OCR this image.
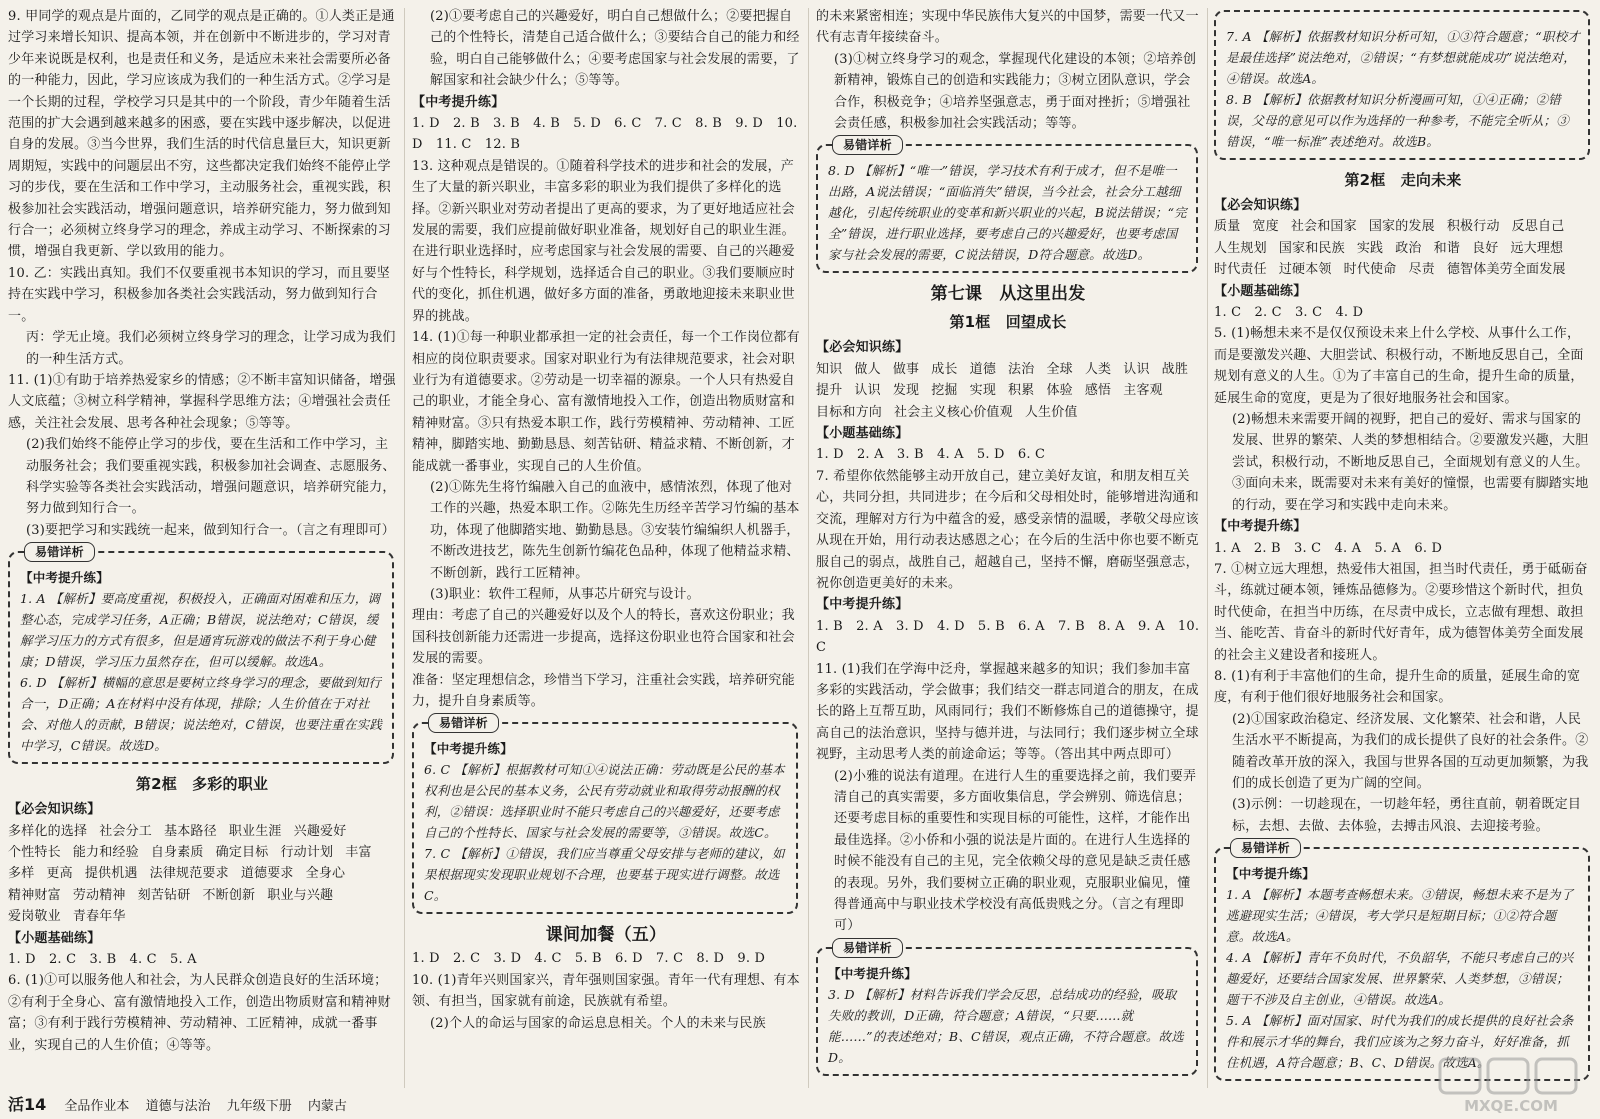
9. 甲同学的观点是片面的，乙同学的观点是正确的。①人类正是通过学习来增长知识、提高本领，并在创新中不断进步的，学习对青少年来说既是权利，也是责任和义务，是适应未来社会需要所必备的一种能力，因此，学习应该成为我们的一种生活方式。②学习是一个长期的过程，学校学习只是其中的一个阶段，青少年随着生活范围的扩大会遇到越来越多的困惑，要在实践中逐步解决，以促进自身的发展。③当今世界，我们生活的时代信息量巨大，知识更新周期短，实践中的问题层出不穷，这些都决定我们始终不能停止学习的步伐，要在生活和工作中学习，主动服务社会，重视实践，积极参加社会实践活动，增强问题意识，培养研究能力，努力做到知行合一；必须树立终身学习的理念，养成主动学习、不断探索的习惯，增强自我更新、学以致用的能力。

10. 乙：实践出真知。我们不仅要重视书本知识的学习，而且要坚持在实践中学习，积极参加各类社会实践活动，努力做到知行合一。

丙：学无止境。我们必须树立终身学习的理念，让学习成为我们的一种生活方式。

11. (1)①有助于培养热爱家乡的情感；②不断丰富知识储备，增强人文底蕴；③树立科学精神，掌握科学思维方法；④增强社会责任感，关注社会发展、思考各种社会现象；⑤等等。

(2)我们始终不能停止学习的步伐，要在生活和工作中学习，主动服务社会；我们要重视实践，积极参加社会调查、志愿服务、科学实验等各类社会实践活动，增强问题意识，培养研究能力，努力做到知行合一。

(3)要把学习和实践统一起来，做到知行合一。（言之有理即可）

易错详析
【中考提升练】

1. A 【解析】要高度重视，积极投入，正确面对困难和压力，调整心态，完成学习任务，A正确；B错误，说法绝对；C错误，缓解学习压力的方式有很多，但是通宵玩游戏的做法不利于身心健康；D错误，学习压力虽然存在，但可以缓解。故选A。

6. D 【解析】横幅的意思是要树立终身学习的理念，要做到知行合一，D正确；A在材料中没有体现，排除；人生价值在于对社会、对他人的贡献，B错误；说法绝对，C错误，也要注重在实践中学习，C错误。故选D。

第2框　多彩的职业
【必会知识练】
多样化的选择 社会分工 基本路径 职业生涯 兴趣爱好
个性特长 能力和经验 自身素质 确定目标 行动计划 丰富
多样 更高 提供机遇 法律规范要求 道德要求 全身心
精神财富 劳动精神 刻苦钻研 不断创新 职业与兴趣
爱岗敬业 青春年华
【小题基础练】

1. D　2. C　3. B　4. C　5. A

6. (1)①可以服务他人和社会，为人民群众创造良好的生活环境；②有利于全身心、富有激情地投入工作，创造出物质财富和精神财富；③有利于践行劳模精神、劳动精神、工匠精神，成就一番事业，实现自己的人生价值；④等等。

(2)①要考虑自己的兴趣爱好，明白自己想做什么；②要把握自己的个性特长，清楚自己适合做什么；③要结合自己的能力和经验，明白自己能够做什么；④要考虑国家与社会发展的需要，了解国家和社会缺少什么；⑤等等。

【中考提升练】

1. D　2. B　3. B　4. B　5. D　6. C　7. C　8. B　9. D　10. D　11. C　12. B

13. 这种观点是错误的。①随着科学技术的进步和社会的发展，产生了大量的新兴职业，丰富多彩的职业为我们提供了多样化的选择。②新兴职业对劳动者提出了更高的要求，为了更好地适应社会发展的需要，我们应提前做好职业准备，规划好自己的职业生涯。在进行职业选择时，应考虑国家与社会发展的需要、自己的兴趣爱好与个性特长，科学规划，选择适合自己的职业。③我们要顺应时代的变化，抓住机遇，做好多方面的准备，勇敢地迎接未来职业世界的挑战。

14. (1)①每一种职业都承担一定的社会责任，每一个工作岗位都有相应的岗位职责要求。国家对职业行为有法律规范要求，社会对职业行为有道德要求。②劳动是一切幸福的源泉。一个人只有热爱自己的职业，才能全身心、富有激情地投入工作，创造出物质财富和精神财富。③只有热爱本职工作，践行劳模精神、劳动精神、工匠精神，脚踏实地、勤勤恳恳、刻苦钻研、精益求精、不断创新，才能成就一番事业，实现自己的人生价值。

(2)①陈先生将竹编融入自己的血液中，感情浓烈，体现了他对工作的兴趣，热爱本职工作。②陈先生历经辛苦学习竹编的基本功，体现了他脚踏实地、勤勤恳恳。③安装竹编编织人机器手，不断改进技艺，陈先生创新竹编花色品种，体现了他精益求精、不断创新，践行工匠精神。

(3)职业：软件工程师，从事芯片研究与设计。

理由：考虑了自己的兴趣爱好以及个人的特长，喜欢这份职业；我国科技创新能力还需进一步提高，选择这份职业也符合国家和社会发展的需要。

准备：坚定理想信念，珍惜当下学习，注重社会实践，培养研究能力，提升自身素质等。

易错详析
【中考提升练】

6. C 【解析】根据教材可知①④说法正确：劳动既是公民的基本权利也是公民的基本义务，公民有劳动就业和取得劳动报酬的权利，②错误：选择职业时不能只考虑自己的兴趣爱好，还要考虑自己的个性特长、国家与社会发展的需要等，③错误。故选C。

7. C 【解析】①错误，我们应当尊重父母安排与老师的建议，如果根据现实发现职业规划不合理，也要基于现实进行调整。故选C。

课间加餐（五）

1. D　2. C　3. D　4. C　5. B　6. D　7. C　8. D　9. D

10. (1)青年兴则国家兴，青年强则国家强。青年一代有理想、有本领、有担当，国家就有前途，民族就有希望。

(2)个人的命运与国家的命运息息相关。个人的未来与民族

的未来紧密相连；实现中华民族伟大复兴的中国梦，需要一代又一代有志青年接续奋斗。

(3)①树立终身学习的观念，掌握现代化建设的本领；②培养创新精神，锻炼自己的创造和实践能力；③树立团队意识，学会合作，积极竞争；④培养坚强意志，勇于面对挫折；⑤增强社会责任感，积极参加社会实践活动；等等。

易错详析

8. D 【解析】“唯一”错误，学习技术有利于成才，但不是唯一出路，A说法错误；“面临消失”错误，当今社会，社会分工越细越化，引起传统职业的变革和新兴职业的兴起，B说法错误；“完全”错误，进行职业选择，要考虑自己的兴趣爱好，也要考虑国家与社会发展的需要，C说法错误，D符合题意。故选D。

第七课　从这里出发
第1框　回望成长
【必会知识练】
知识 做人 做事 成长 道德 法治 全球 人类 认识 战胜
提升 认识 发现 挖掘 实现 积累 体验 感悟 主客观
目标和方向 社会主义核心价值观 人生价值
【小题基础练】

1. D　2. A　3. B　4. A　5. D　6. C

7. 希望你依然能够主动开放自己，建立美好友谊，和朋友相互关心，共同分担，共同进步；在今后和父母相处时，能够增进沟通和交流，理解对方行为中蕴含的爱，感受亲情的温暖，孝敬父母应该从现在开始，用行动表达感恩之心；在今后的生活中你也要不断克服自己的弱点，战胜自己，超越自己，坚持不懈，磨砺坚强意志，祝你创造更美好的未来。

【中考提升练】

1. B　2. A　3. D　4. D　5. B　6. A　7. B　8. A　9. A　10. C

11. (1)我们在学海中泛舟，掌握越来越多的知识；我们参加丰富多彩的实践活动，学会做事；我们结交一群志同道合的朋友，在成长的路上互帮互助，风雨同行；我们不断修炼自己的道德操守，提高自己的法治意识，坚持与德并进，与法同行；我们逐步树立全球视野，主动思考人类的前途命运；等等。（答出其中两点即可）

(2)小雅的说法有道理。在进行人生的重要选择之前，我们要弄清自己的真实需要，多方面收集信息，学会辨别、筛选信息；还要考虑目标的重要性和实现目标的可能性，这样，才能作出最佳选择。②小侨和小强的说法是片面的。在进行人生选择的时候不能没有自己的主见，完全依赖父母的意见是缺乏责任感的表现。另外，我们要树立正确的职业观，克服职业偏见，懂得普通高中与职业技术学校没有高低贵贱之分。（言之有理即可）

易错详析
【中考提升练】

3. D 【解析】材料告诉我们学会反思，总结成功的经验，吸取失败的教训，D正确，符合题意；A错误，“只要……就能……”的表述绝对；B、C错误，观点正确，不符合题意。故选D。

7. A 【解析】依据教材知识分析可知，①③符合题意；“职校才是最佳选择”说法绝对，②错误；“有梦想就能成功”说法绝对，④错误。故选A。

8. B 【解析】依据教材知识分析漫画可知，①④正确；②错误，父母的意见可以作为选择的一种参考，不能完全听从；③错误，“唯一标准”表述绝对。故选B。

第2框　走向未来
【必会知识练】
质量 宽度 社会和国家 国家的发展 积极行动 反思自己
人生规划 国家和民族 实践 政治 和谐 良好 远大理想
时代责任 过硬本领 时代使命 尽责 德智体美劳全面发展
【小题基础练】

1. C　2. C　3. C　4. D

5. (1)畅想未来不是仅仅预设未来上什么学校、从事什么工作，而是要激发兴趣、大胆尝试、积极行动，不断地反思自己，全面规划有意义的人生。①为了丰富自己的生命，提升生命的质量，延展生命的宽度，更是为了很好地服务社会和国家。

(2)畅想未来需要开阔的视野，把自己的爱好、需求与国家的发展、世界的繁荣、人类的梦想相结合。②要激发兴趣，大胆尝试，积极行动，不断地反思自己，全面规划有意义的人生。③面向未来，既需要对未来有美好的憧憬，也需要有脚踏实地的行动，要在学习和实践中走向未来。

【中考提升练】

1. A　2. B　3. C　4. A　5. A　6. D

7. ①树立远大理想，热爱伟大祖国，担当时代责任，勇于砥砺奋斗，练就过硬本领，锤炼品德修为。②要珍惜这个新时代，担负时代使命，在担当中历练，在尽责中成长，立志做有理想、敢担当、能吃苦、肯奋斗的新时代好青年，成为德智体美劳全面发展的社会主义建设者和接班人。

8. (1)有利于丰富他们的生命，提升生命的质量，延展生命的宽度，有利于他们很好地服务社会和国家。

(2)①国家政治稳定、经济发展、文化繁荣、社会和谐，人民生活水平不断提高，为我们的成长提供了良好的社会条件。②随着改革开放的深入，我国与世界各国的互动更加频繁，为我们的成长创造了更为广阔的空间。

(3)示例：一切趁现在，一切趁年轻，勇往直前，朝着既定目标，去想、去做、去体验，去搏击风浪、去迎接考验。

易错详析
【中考提升练】

1. A 【解析】本题考查畅想未来。③错误，畅想未来不是为了逃避现实生活；④错误，考大学只是短期目标；①②符合题意。故选A。

4. A 【解析】青年不负时代，不负韶华，不能只考虑自己的兴趣爱好，还要结合国家发展、世界繁荣、人类梦想，③错误；题干不涉及自主创业，④错误。故选A。

5. A 【解析】面对国家、时代为我们的成长提供的良好社会条件和展示才华的舞台，我们应该为之努力奋斗，好好准备，抓住机遇，A符合题意；B、C、D错误。故选A。

活14 全品作业本 道德与法治 九年级下册 内蒙古	MXQE.COM
